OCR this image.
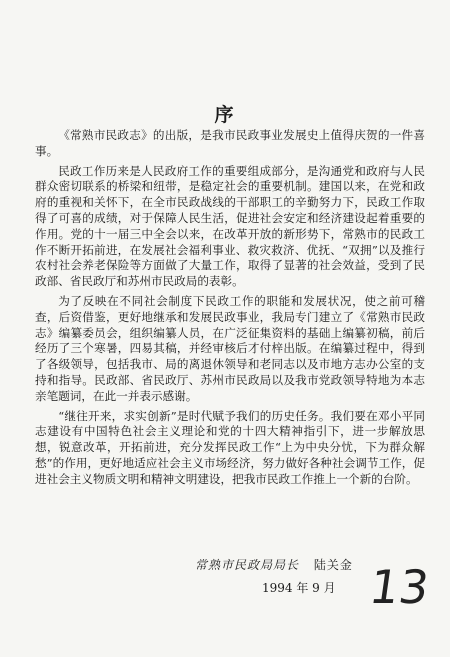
序

《常熟市民政志》的出版，是我市民政事业发展史上值得庆贺的一件喜事。

民政工作历来是人民政府工作的重要组成部分，是沟通党和政府与人民群众密切联系的桥梁和纽带，是稳定社会的重要机制。建国以来，在党和政府的重视和关怀下，在全市民政战线的干部职工的辛勤努力下，民政工作取得了可喜的成绩，对于保障人民生活，促进社会安定和经济建设起着重要的作用。党的十一届三中全会以来，在改革开放的新形势下，常熟市的民政工作不断开拓前进，在发展社会福利事业、救灾救济、优抚、“双拥”以及推行农村社会养老保险等方面做了大量工作，取得了显著的社会效益，受到了民政部、省民政厅和苏州市民政局的表彰。

为了反映在不同社会制度下民政工作的职能和发展状况，使之前可稽查，后资借鉴，更好地继承和发展民政事业，我局专门建立了《常熟市民政志》编纂委员会，组织编纂人员，在广泛征集资料的基础上编纂初稿，前后经历了三个寒暑，四易其稿，并经审核后才付梓出版。在编纂过程中，得到了各级领导，包括我市、局的离退休领导和老同志以及市地方志办公室的支持和指导。民政部、省民政厅、苏州市民政局以及我市党政领导特地为本志亲笔题词，在此一并表示感谢。

“继往开来，求实创新”是时代赋予我们的历史任务。我们要在邓小平同志建设有中国特色社会主义理论和党的十四大精神指引下，进一步解放思想，锐意改革，开拓前进，充分发挥民政工作“上为中央分忧，下为群众解愁”的作用，更好地适应社会主义市场经济，努力做好各种社会调节工作，促进社会主义物质文明和精神文明建设，把我市民政工作推上一个新的台阶。

常熟市民政局局长 陆关金
1994 年 9 月 13
